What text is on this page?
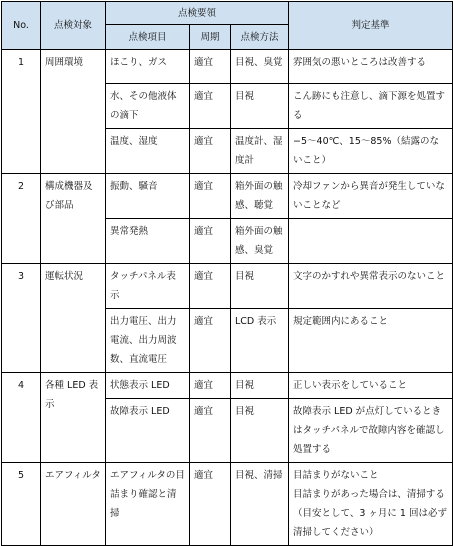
No.	点検対象	点検要領			判定基準
		点検項目	周期	点検方法	
1	周囲環境	ほこり、ガス	適宜	目視、臭覚	雰囲気の悪いところは改善する
		水、その他液体の滴下	適宜	目視	こん跡にも注意し、滴下源を処置する
		温度、湿度	適宜	温度計、湿度計	−5〜40℃、15〜85%（結露のないこと）
2	構成機器及び部品	振動、騒音	適宜	箱外面の触感、聴覚	冷却ファンから異音が発生していないことなど
		異常発熱	適宜	箱外面の触感、臭覚	
3	運転状況	タッチパネル表示	適宜	目視	文字のかすれや異常表示のないこと
		出力電圧、出力電流、出力周波数、直流電圧	適宜	LCD 表示	規定範囲内にあること
4	各種 LED 表示	状態表示 LED	適宜	目視	正しい表示をしていること
		故障表示 LED	適宜	目視	故障表示 LED が点灯しているときはタッチパネルで故障内容を確認し処置する
5	エアフィルタ	エアフィルタの目詰まり確認と清掃	適宜	目視、清掃	目詰まりがないこと
目詰まりがあった場合は、清掃する（目安として、3 ヶ月に 1 回は必ず清掃してください）
